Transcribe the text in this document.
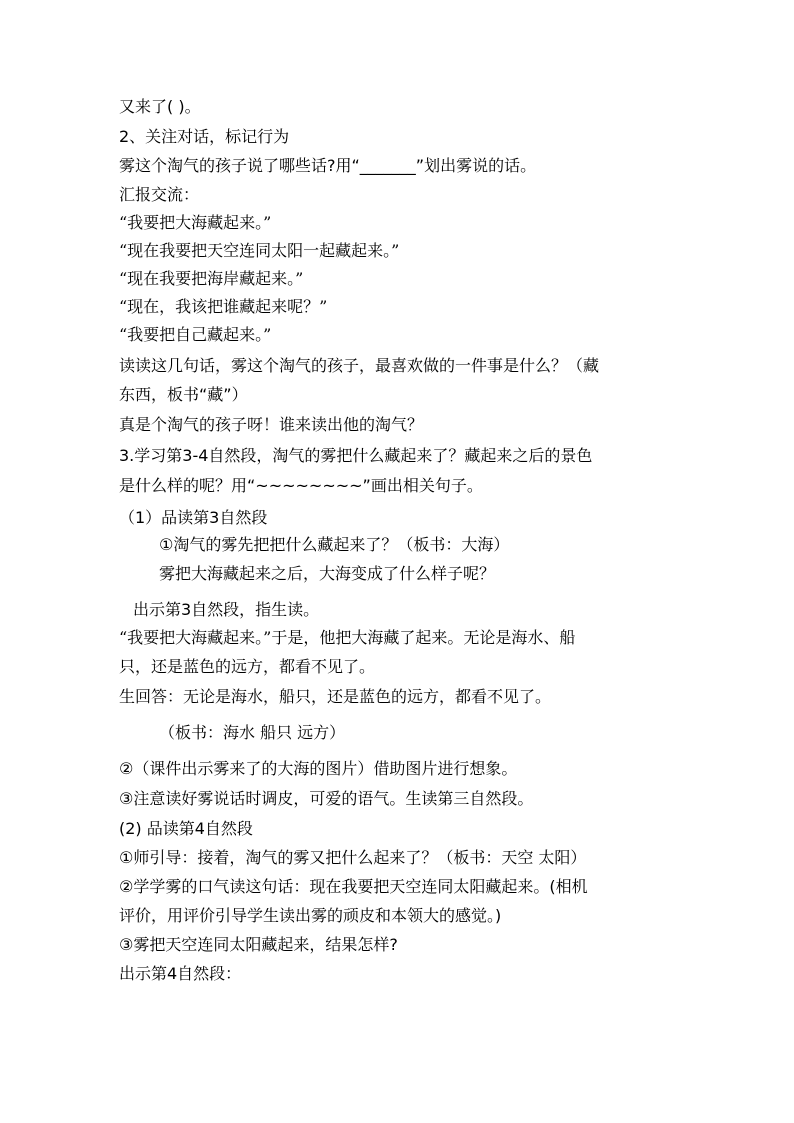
又来了( )。
2、关注对话，标记行为
雾这个淘气的孩子说了哪些话?用“_______”划出雾说的话。
汇报交流：
“我要把大海藏起来。”
“现在我要把天空连同太阳一起藏起来。”
“现在我要把海岸藏起来。”
“现在，我该把谁藏起来呢？”
“我要把自己藏起来。”
读读这几句话，雾这个淘气的孩子，最喜欢做的一件事是什么？（藏
东西，板书“藏”）
真是个淘气的孩子呀！谁来读出他的淘气？
3.学习第3-4自然段，淘气的雾把什么藏起来了？藏起来之后的景色
是什么样的呢？用“~~~~~~~~”画出相关句子。
（1）品读第3自然段
①淘气的雾先把把什么藏起来了？（板书：大海）
雾把大海藏起来之后，大海变成了什么样子呢？
出示第3自然段，指生读。
“我要把大海藏起来。”于是，他把大海藏了起来。无论是海水、船
只，还是蓝色的远方，都看不见了。
生回答：无论是海水，船只，还是蓝色的远方，都看不见了。
（板书：海水 船只 远方）
②（课件出示雾来了的大海的图片）借助图片进行想象。
③注意读好雾说话时调皮，可爱的语气。生读第三自然段。
(2) 品读第4自然段
①师引导：接着，淘气的雾又把什么起来了？（板书：天空 太阳）
②学学雾的口气读这句话：现在我要把天空连同太阳藏起来。(相机
评价，用评价引导学生读出雾的顽皮和本领大的感觉。)
③雾把天空连同太阳藏起来，结果怎样?
出示第4自然段：
